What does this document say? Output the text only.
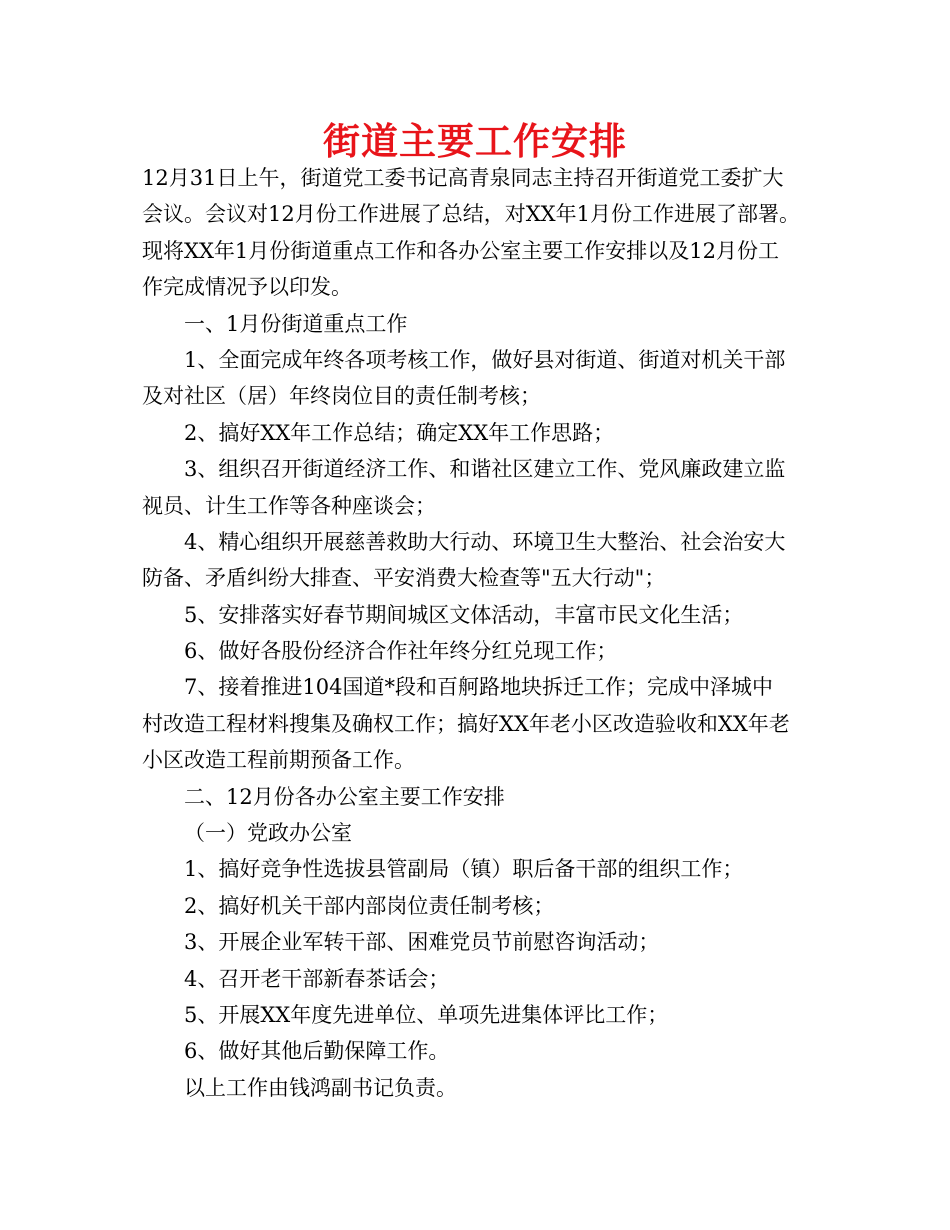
街道主要工作安排
12月31日上午，街道党工委书记高青泉同志主持召开街道党工委扩大
会议。会议对12月份工作进展了总结，对XX年1月份工作进展了部署。
现将XX年1月份街道重点工作和各办公室主要工作安排以及12月份工
作完成情况予以印发。
一、1月份街道重点工作
1、全面完成年终各项考核工作，做好县对街道、街道对机关干部
及对社区（居）年终岗位目的责任制考核；
2、搞好XX年工作总结；确定XX年工作思路；
3、组织召开街道经济工作、和谐社区建立工作、党风廉政建立监
视员、计生工作等各种座谈会；
4、精心组织开展慈善救助大行动、环境卫生大整治、社会治安大
防备、矛盾纠纷大排查、平安消费大检查等"五大行动"；
5、安排落实好春节期间城区文体活动，丰富市民文化生活；
6、做好各股份经济合作社年终分红兑现工作；
7、接着推进104国道*段和百舸路地块拆迁工作；完成中泽城中
村改造工程材料搜集及确权工作；搞好XX年老小区改造验收和XX年老
小区改造工程前期预备工作。
二、12月份各办公室主要工作安排
（一）党政办公室
1、搞好竞争性选拔县管副局（镇）职后备干部的组织工作；
2、搞好机关干部内部岗位责任制考核；
3、开展企业军转干部、困难党员节前慰咨询活动；
4、召开老干部新春茶话会；
5、开展XX年度先进单位、单项先进集体评比工作；
6、做好其他后勤保障工作。
以上工作由钱鸿副书记负责。
